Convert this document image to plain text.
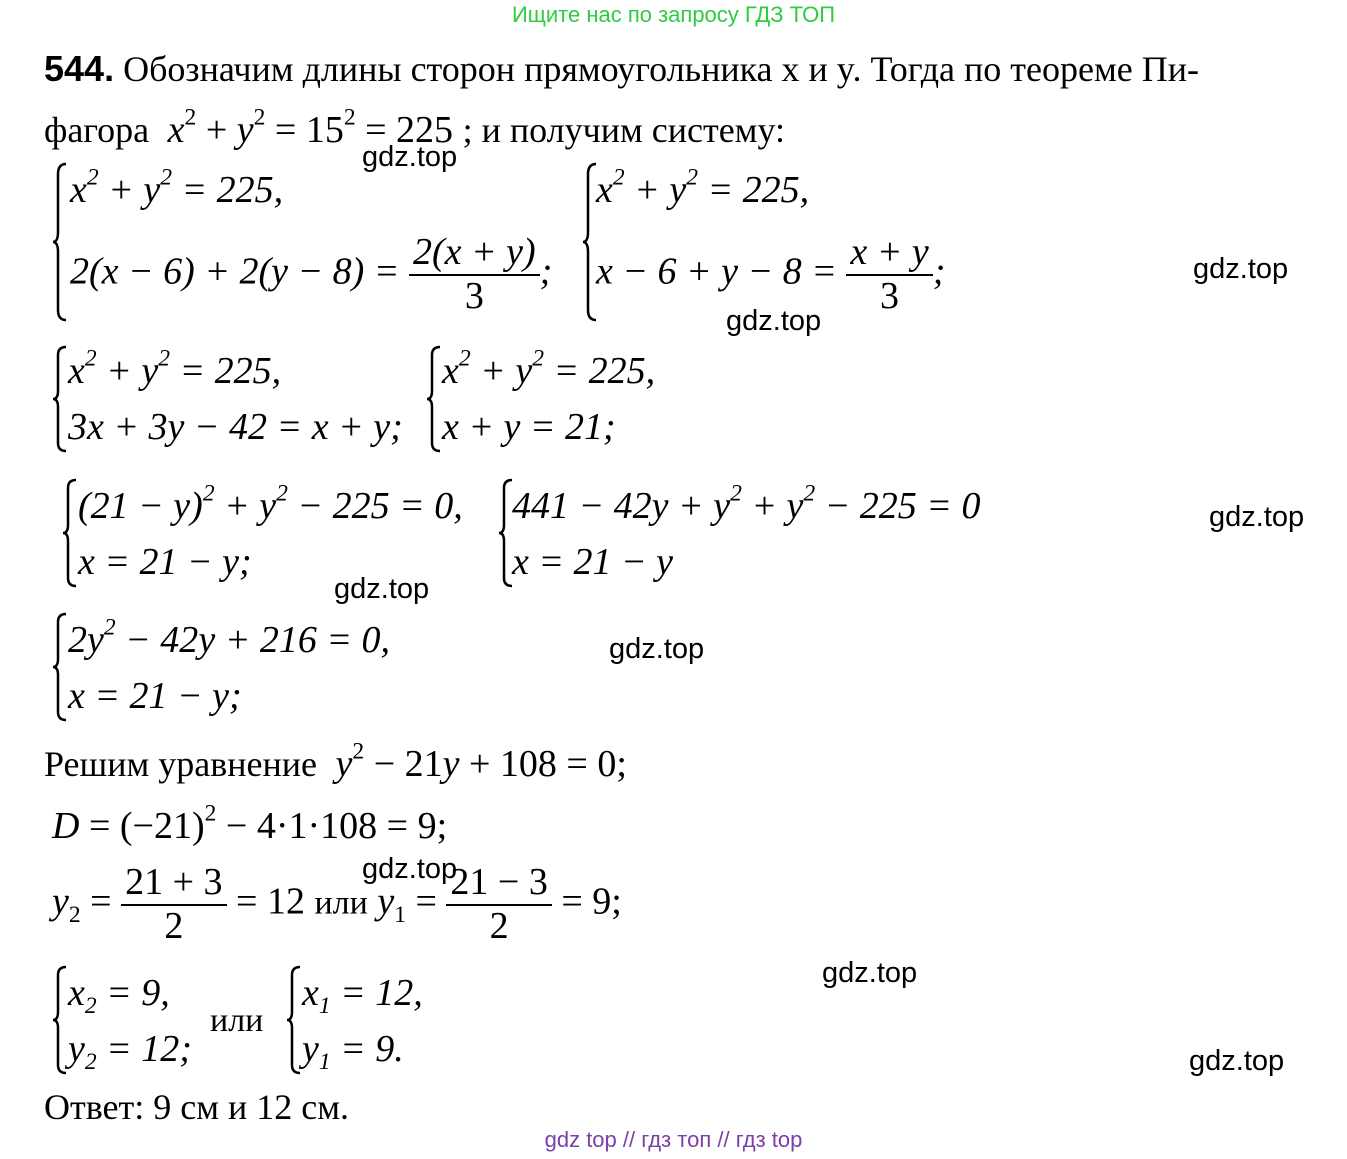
Ищите нас по запросу ГДЗ ТОП
544. Обозначим длины сторон прямоугольника x и y. Тогда по теореме Пи-
фагора  $x^2 + y^2 = 15^2 = 225$ ; и получим систему:
$x^2 + y^2 = 225$,
$2(x - 6) + 2(y - 8) = \frac{2(x + y)}{3}$ ;
$x^2 + y^2 = 225$,
$x - 6 + y - 8 = \frac{x + y}{3}$ ;
$x^2 + y^2 = 225$,
3x + 3y − 42 = x + y;
$x^2 + y^2 = 225$,
x + y = 21;
$(21 - y)^2 + y^2 - 225 = 0$,
x = 21 − y;
$441 - 42y + y^2 + y^2 - 225 = 0$
x = 21 − y
$2y^2 - 42y + 216 = 0$,
x = 21 − y;
Решим уравнение  $y^2 - 21y + 108 = 0$;
$D = (-21)^2 - 4\cdot 1\cdot 108 = 9$;
$y_2 = \frac{21 + 3}{2} = 12$ или $y_1 = \frac{21 - 3}{2} = 9$;
$x_2 = 9$,
$y_2 = 12$;
или
$x_1 = 12$,
$y_1 = 9$.
Ответ: 9 см и 12 см.
gdz.top
gdz.top
gdz.top
gdz.top
gdz.top
gdz.top
gdz.top
gdz.top
gdz.top
gdz top // гдз топ // гдз top
